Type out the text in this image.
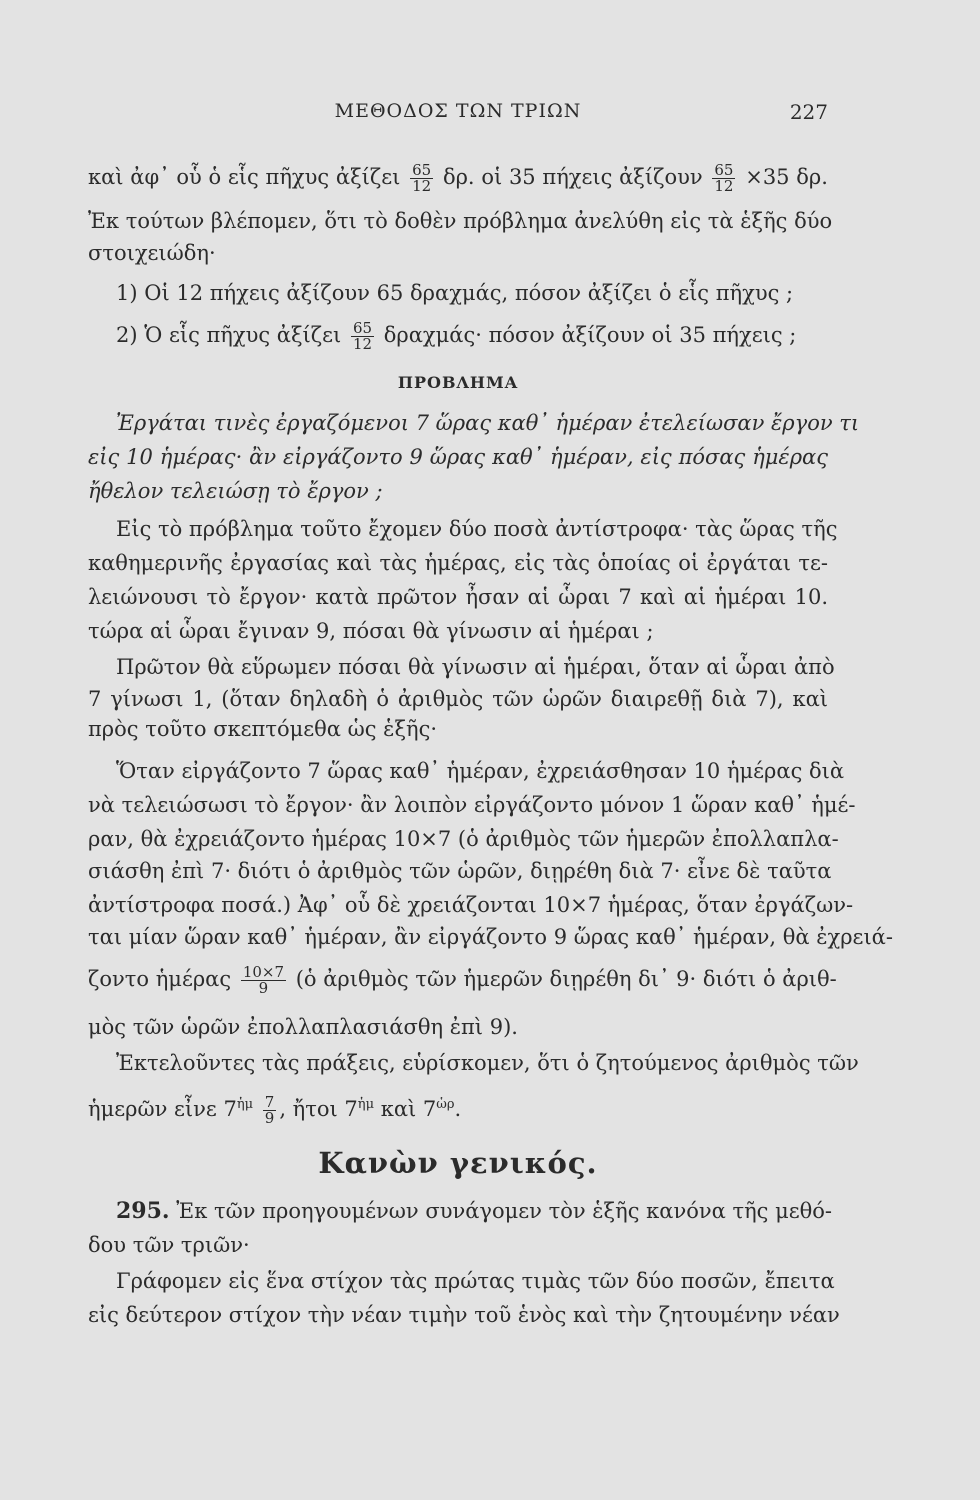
ΜΕΘΟΔΟΣ ΤΩΝ ΤΡΙΩΝ	227
καὶ ἀφ᾽ οὗ ὁ εἷς πῆχυς ἀξίζει $\frac{65}{12} \delta\rho$. οἱ 35 πήχεις ἀξίζουν $\frac{65}{12} \times 35$ δρ.
Ἐκ τούτων βλέπομεν, ὅτι τὸ δοθὲν πρόβλημα ἀνελύθη εἰς τὰ ἑξῆς δύο
στοιχειώδη·
1) Οἱ 12 πήχεις ἀξίζουν 65 δραχμάς, πόσον ἀξίζει ὁ εἷς πῆχυς ;
2) Ὁ εἷς πῆχυς ἀξίζει $\frac{65}{12} \delta\rho\alpha\chi\mu ά\varsigma\cdot \pi ό\sigma o\nu$ ἀξίζουν οἱ 35 πήχεις ;
ΠΡΟΒΛΗΜΑ
Ἐργάται τινὲς ἐργαζόμενοι 7 ὥρας καθ᾽ ἡμέραν ἐτελείωσαν ἔργον τι
εἰς 10 ἡμέρας· ἂν εἰργάζοντο 9 ὥρας καθ᾽ ἡμέραν, εἰς πόσας ἡμέρας
ἤθελον τελειώσῃ τὸ ἔργον ;
Εἰς τὸ πρόβλημα τοῦτο ἔχομεν δύο ποσὰ ἀντίστροφα· τὰς ὥρας τῆς
καθημερινῆς ἐργασίας καὶ τὰς ἡμέρας, εἰς τὰς ὁποίας οἱ ἐργάται τε-
λειώνουσι τὸ ἔργον· κατὰ πρῶτον ἦσαν αἱ ὧραι 7 καὶ αἱ ἡμέραι 10.
τώρα αἱ ὧραι ἔγιναν 9, πόσαι θὰ γίνωσιν αἱ ἡμέραι ;
Πρῶτον θὰ εὕρωμεν πόσαι θὰ γίνωσιν αἱ ἡμέραι, ὅταν αἱ ὧραι ἀπὸ
7 γίνωσι 1, (ὅταν δηλαδὴ ὁ ἀριθμὸς τῶν ὡρῶν διαιρεθῇ διὰ 7), καὶ
πρὸς τοῦτο σκεπτόμεθα ὡς ἑξῆς·
Ὅταν εἰργάζοντο 7 ὥρας καθ᾽ ἡμέραν, ἐχρειάσθησαν 10 ἡμέρας διὰ
νὰ τελειώσωσι τὸ ἔργον· ἂν λοιπὸν εἰργάζοντο μόνον 1 ὥραν καθ᾽ ἡμέ-
ραν, θὰ ἐχρειάζοντο ἡμέρας 10×7 (ὁ ἀριθμὸς τῶν ἡμερῶν ἐπολλαπλα-
σιάσθη ἐπὶ 7· διότι ὁ ἀριθμὸς τῶν ὡρῶν, διῃρέθη διὰ 7· εἶνε δὲ ταῦτα
ἀντίστροφα ποσά.) Ἀφ᾽ οὗ δὲ χρειάζονται 10×7 ἡμέρας, ὅταν ἐργάζων-
ται μίαν ὥραν καθ᾽ ἡμέραν, ἂν εἰργάζοντο 9 ὥρας καθ᾽ ἡμέραν, θὰ ἐχρειά-
ζοντο ἡμέρας $\frac{10\times 7}{9}$ (ὁ ἀριθμὸς τῶν ἡμερῶν διῃρέθη δι᾽ 9· διότι ὁ ἀριθ-
μὸς τῶν ὡρῶν ἐπολλαπλασιάσθη ἐπὶ 9).
Ἐκτελοῦντες τὰς πράξεις, εὑρίσκομεν, ὅτι ὁ ζητούμενος ἀριθμὸς τῶν
ἡμερῶν εἶνε $7^{ἡ\mu} \frac{7}{9}$ , ἤτοι $7^{ἡ\mu}$ καὶ $7^{ὡ\rho}$.
Κανὼν γενικός.
295. Ἐκ τῶν προηγουμένων συνάγομεν τὸν ἑξῆς κανόνα τῆς μεθό-
δου τῶν τριῶν·
Γράφομεν εἰς ἕνα στίχον τὰς πρώτας τιμὰς τῶν δύο ποσῶν, ἔπειτα
εἰς δεύτερον στίχον τὴν νέαν τιμὴν τοῦ ἑνὸς καὶ τὴν ζητουμένην νέαν
